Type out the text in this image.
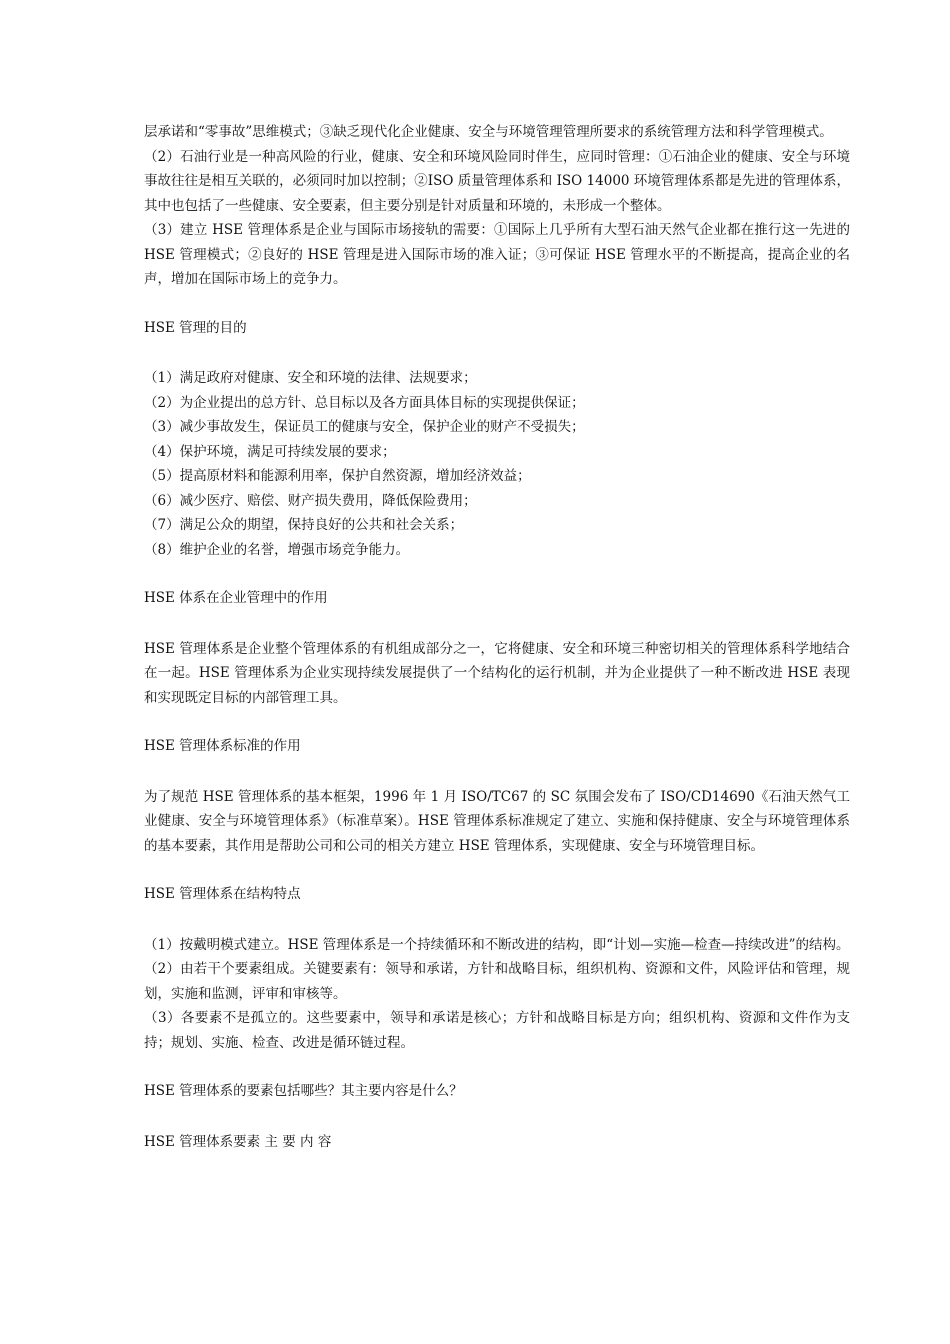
层承诺和“零事故”思维模式；③缺乏现代化企业健康、安全与环境管理管理所要求的系统管理方法和科学管理模式。

（2）石油行业是一种高风险的行业，健康、安全和环境风险同时伴生，应同时管理：①石油企业的健康、安全与环境事故往往是相互关联的，必须同时加以控制；②ISO 质量管理体系和 ISO 14000 环境管理体系都是先进的管理体系，其中也包括了一些健康、安全要素，但主要分别是针对质量和环境的，未形成一个整体。

（3）建立 HSE 管理体系是企业与国际市场接轨的需要：①国际上几乎所有大型石油天然气企业都在推行这一先进的 HSE 管理模式；②良好的 HSE 管理是进入国际市场的准入证；③可保证 HSE 管理水平的不断提高，提高企业的名声，增加在国际市场上的竞争力。

HSE 管理的目的

（1）满足政府对健康、安全和环境的法律、法规要求；

（2）为企业提出的总方针、总目标以及各方面具体目标的实现提供保证；

（3）减少事故发生，保证员工的健康与安全，保护企业的财产不受损失；

（4）保护环境，满足可持续发展的要求；

（5）提高原材料和能源利用率，保护自然资源，增加经济效益；

（6）减少医疗、赔偿、财产损失费用，降低保险费用；

（7）满足公众的期望，保持良好的公共和社会关系；

（8）维护企业的名誉，增强市场竞争能力。

HSE 体系在企业管理中的作用

HSE 管理体系是企业整个管理体系的有机组成部分之一，它将健康、安全和环境三种密切相关的管理体系科学地结合在一起。HSE 管理体系为企业实现持续发展提供了一个结构化的运行机制，并为企业提供了一种不断改进 HSE 表现和实现既定目标的内部管理工具。

HSE 管理体系标准的作用

为了规范 HSE 管理体系的基本框架，1996 年 1 月 ISO/TC67 的 SC 氛围会发布了 ISO/CD14690《石油天然气工业健康、安全与环境管理体系》（标准草案）。HSE 管理体系标准规定了建立、实施和保持健康、安全与环境管理体系的基本要素，其作用是帮助公司和公司的相关方建立 HSE 管理体系，实现健康、安全与环境管理目标。

HSE 管理体系在结构特点

（1）按戴明模式建立。HSE 管理体系是一个持续循环和不断改进的结构，即“计划—实施—检查—持续改进”的结构。

（2）由若干个要素组成。关键要素有：领导和承诺，方针和战略目标，组织机构、资源和文件，风险评估和管理，规划，实施和监测，评审和审核等。

（3）各要素不是孤立的。这些要素中，领导和承诺是核心；方针和战略目标是方向；组织机构、资源和文件作为支持；规划、实施、检查、改进是循环链过程。

HSE 管理体系的要素包括哪些？其主要内容是什么？

HSE 管理体系要素 主 要 内 容
